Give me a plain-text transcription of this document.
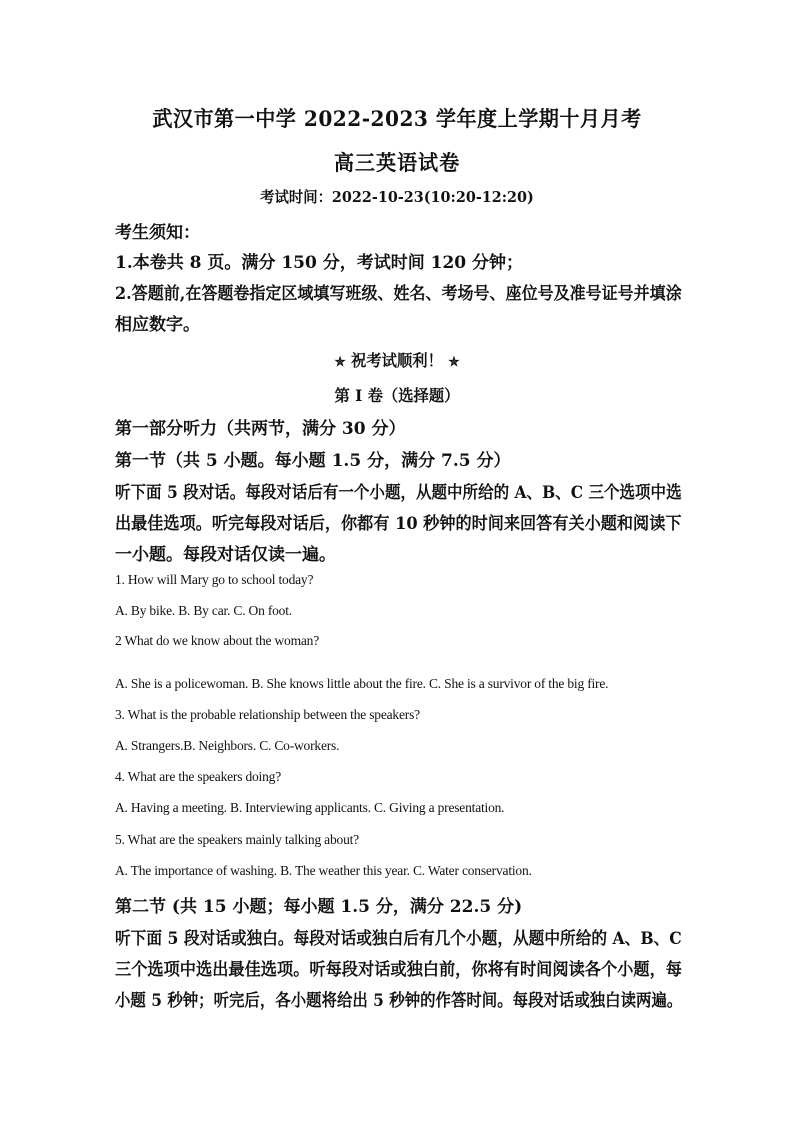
武汉市第一中学 2022-2023 学年度上学期十月月考
高三英语试卷
考试时间：2022-10-23(10:20-12:20)
考生须知：
1.本卷共 8 页。满分 150 分，考试时间 120 分钟；
2.答题前,在答题卷指定区域填写班级、姓名、考场号、座位号及准号证号并填涂
相应数字。
✮ 祝考试顺利！ ✮
第 I 卷（选择题）
第一部分听力（共两节，满分 30 分）
第一节（共 5 小题。每小题 1.5 分，满分 7.5 分）
听下面 5 段对话。每段对话后有一个小题，从题中所给的 A、B、C 三个选项中选
出最佳选项。听完每段对话后，你都有 10 秒钟的时间来回答有关小题和阅读下
一小题。每段对话仅读一遍。
1. How will Mary go to school today?
A. By bike. B. By car. C. On foot.
2 What do we know about the woman?
A. She is a policewoman. B. She knows little about the fire. C. She is a survivor of the big fire.
3. What is the probable relationship between the speakers?
A. Strangers.B. Neighbors. C. Co-workers.
4. What are the speakers doing?
A. Having a meeting. B. Interviewing applicants. C. Giving a presentation.
5. What are the speakers mainly talking about?
A. The importance of washing. B. The weather this year. C. Water conservation.
第二节 (共 15 小题；每小题 1.5 分，满分 22.5 分)
听下面 5 段对话或独白。每段对话或独白后有几个小题，从题中所给的 A、B、C
三个选项中选出最佳选项。听每段对话或独白前，你将有时间阅读各个小题，每
小题 5 秒钟；听完后，各小题将给出 5 秒钟的作答时间。每段对话或独白读两遍。
